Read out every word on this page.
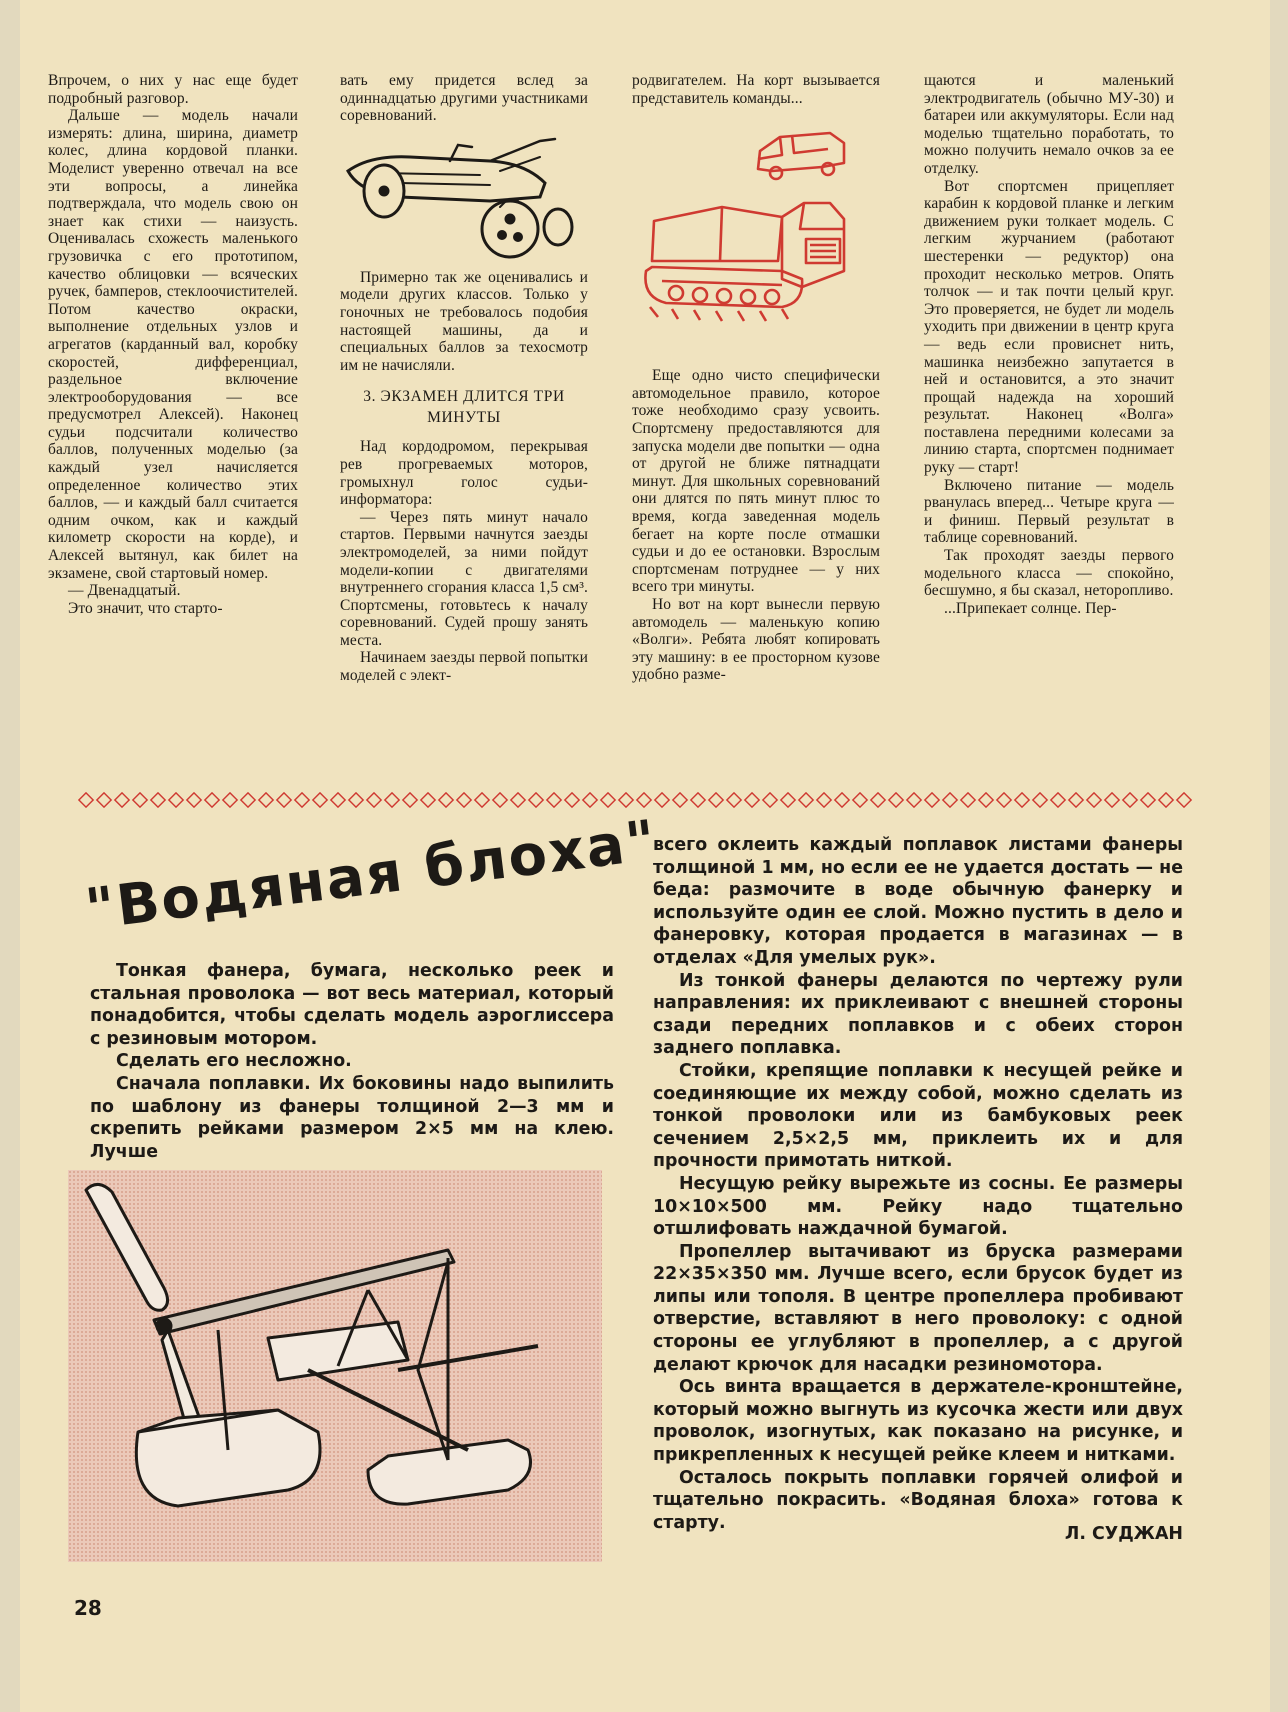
Впрочем, о них у нас еще будет подробный разговор.

Дальше — модель начали измерять: длина, ширина, диаметр колес, длина кордовой планки. Моделист уверенно отвечал на все эти вопросы, а линейка подтверждала, что модель свою он знает как стихи — наизусть. Оценивалась схожесть маленького грузовичка с его прототипом, качество облицовки — всяческих ручек, бамперов, стеклоочистителей. Потом качество окраски, выполнение отдельных узлов и агрегатов (карданный вал, коробку скоростей, дифференциал, раздельное включение электрооборудования — все предусмотрел Алексей). Наконец судьи подсчитали количество баллов, полученных моделью (за каждый узел начисляется определенное количество этих баллов, — и каждый балл считается одним очком, как и каждый километр скорости на корде), и Алексей вытянул, как билет на экзамене, свой стартовый номер.

— Двенадцатый.

Это значит, что старто-

вать ему придется вслед за одиннадцатью другими участниками соревнований.

Примерно так же оценивались и модели других классов. Только у гоночных не требовалось подобия настоящей машины, да и специальных баллов за техосмотр им не начисляли.

3. ЭКЗАМЕН ДЛИТСЯ ТРИ МИНУТЫ

Над кордодромом, перекрывая рев прогреваемых моторов, громыхнул голос судьи-информатора:

— Через пять минут начало стартов. Первыми начнутся заезды электромоделей, за ними пойдут модели-копии с двигателями внутреннего сгорания класса 1,5 см³. Спортсмены, готовьтесь к началу соревнований. Судей прошу занять места.

Начинаем заезды первой попытки моделей с элект-

родвигателем. На корт вызывается представитель команды...

Еще одно чисто специфически автомодельное правило, которое тоже необходимо сразу усвоить. Спортсмену предоставляются для запуска модели две попытки — одна от другой не ближе пятнадцати минут. Для школьных соревнований они длятся по пять минут плюс то время, когда заведенная модель бегает на корте после отмашки судьи и до ее остановки. Взрослым спортсменам потруднее — у них всего три минуты.

Но вот на корт вынесли первую автомодель — маленькую копию «Волги». Ребята любят копировать эту машину: в ее просторном кузове удобно разме-

щаются и маленький электродвигатель (обычно МУ-30) и батареи или аккумуляторы. Если над моделью тщательно поработать, то можно получить немало очков за ее отделку.

Вот спортсмен прицепляет карабин к кордовой планке и легким движением руки толкает модель. С легким журчанием (работают шестеренки — редуктор) она проходит несколько метров. Опять толчок — и так почти целый круг. Это проверяется, не будет ли модель уходить при движении в центр круга — ведь если провиснет нить, машинка неизбежно запутается в ней и остановится, а это значит прощай надежда на хороший результат. Наконец «Волга» поставлена передними колесами за линию старта, спортсмен поднимает руку — старт!

Включено питание — модель рванулась вперед... Четыре круга — и финиш. Первый результат в таблице соревнований.

Так проходят заезды первого модельного класса — спокойно, бесшумно, я бы сказал, неторопливо.

...Припекает солнце. Пер-

"Водяная блоха"

Тонкая фанера, бумага, несколько реек и стальная проволока — вот весь материал, который понадобится, чтобы сделать модель аэроглиссера с резиновым мотором.

Сделать его несложно.

Сначала поплавки. Их боковины надо выпилить по шаблону из фанеры толщиной 2—3 мм и скрепить рейками размером 2×5 мм на клею. Лучше

всего оклеить каждый поплавок листами фанеры толщиной 1 мм, но если ее не удается достать — не беда: размочите в воде обычную фанерку и используйте один ее слой. Можно пустить в дело и фанеровку, которая продается в магазинах — в отделах «Для умелых рук».

Из тонкой фанеры делаются по чертежу рули направления: их приклеивают с внешней стороны сзади передних поплавков и с обеих сторон заднего поплавка.

Стойки, крепящие поплавки к несущей рейке и соединяющие их между собой, можно сделать из тонкой проволоки или из бамбуковых реек сечением 2,5×2,5 мм, приклеить их и для прочности примотать ниткой.

Несущую рейку вырежьте из сосны. Ее размеры 10×10×500 мм. Рейку надо тщательно отшлифовать наждачной бумагой.

Пропеллер вытачивают из бруска размерами 22×35×350 мм. Лучше всего, если брусок будет из липы или тополя. В центре пропеллера пробивают отверстие, вставляют в него проволоку: с одной стороны ее углубляют в пропеллер, а с другой делают крючок для насадки резиномотора.

Ось винта вращается в держателе-кронштейне, который можно выгнуть из кусочка жести или двух проволок, изогнутых, как показано на рисунке, и прикрепленных к несущей рейке клеем и нитками.

Осталось покрыть поплавки горячей олифой и тщательно покрасить. «Водяная блоха» готова к старту.

Л. СУДЖАН
28
